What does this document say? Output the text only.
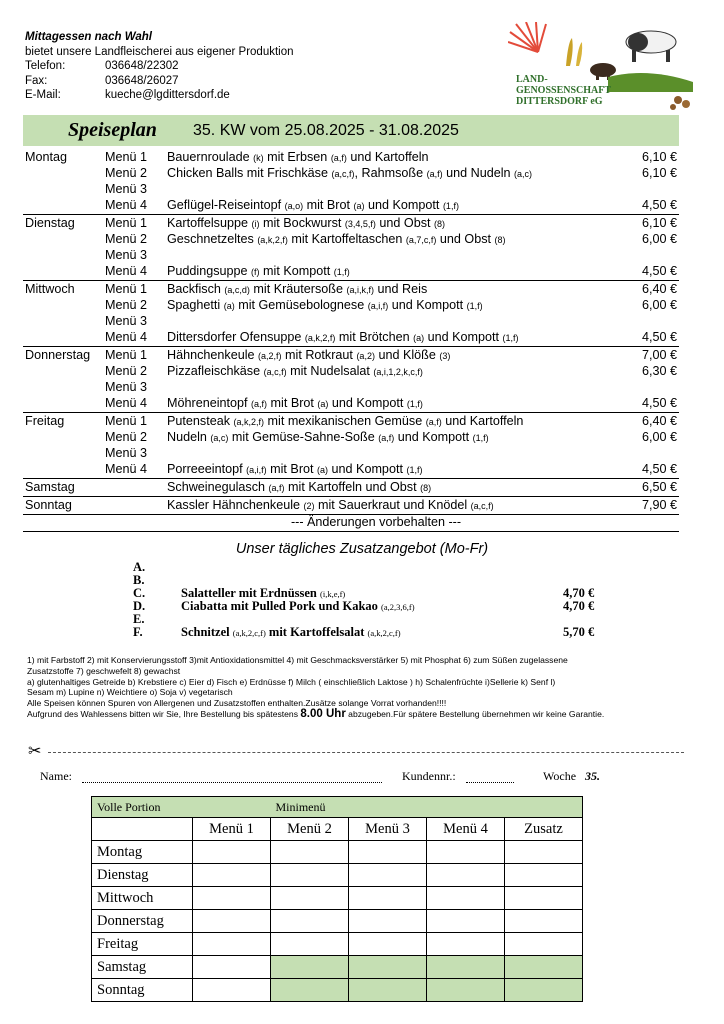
Mittagessen nach Wahl
bietet unsere Landfleischerei aus eigener Produktion
Telefon:	036648/22302
Fax:	036648/26027
E-Mail:	kueche@lgdittersdorf.de
LAND-
GENOSSENSCHAFT
DITTERSDORF eG
Speiseplan	35. KW vom 25.08.2025 - 31.08.2025
Montag	Menü 1	Bauernroulade (k) mit Erbsen (a,f) und Kartoffeln	6,10 €
Menü 2	Chicken Balls mit Frischkäse (a,c,f), Rahmsoße (a,f) und Nudeln (a,c)	6,10 €
Menü 3
Menü 4	Geflügel-Reiseintopf (a,o) mit Brot (a) und Kompott (1,f)	4,50 €
Dienstag	Menü 1	Kartoffelsuppe (i) mit Bockwurst (3,4,5,f) und Obst (8)	6,10 €
Menü 2	Geschnetzeltes (a,k,2,f) mit Kartoffeltaschen (a,7,c,f) und Obst (8)	6,00 €
Menü 3
Menü 4	Puddingsuppe (f) mit Kompott (1,f)	4,50 €
Mittwoch	Menü 1	Backfisch (a,c,d) mit Kräutersoße (a,i,k,f) und Reis	6,40 €
Menü 2	Spaghetti (a) mit Gemüsebolognese (a,i,f) und Kompott (1,f)	6,00 €
Menü 3
Menü 4	Dittersdorfer Ofensuppe (a,k,2,f) mit Brötchen (a) und Kompott (1,f)	4,50 €
Donnerstag	Menü 1	Hähnchenkeule (a,2,f) mit Rotkraut (a,2) und Klöße (3)	7,00 €
Menü 2	Pizzafleischkäse (a,c,f) mit Nudelsalat (a,i,1,2,k,c,f)	6,30 €
Menü 3
Menü 4	Möhreneintopf (a,f) mit Brot (a) und Kompott (1,f)	4,50 €
Freitag	Menü 1	Putensteak (a,k,2,f) mit mexikanischen Gemüse (a,f) und Kartoffeln	6,40 €
Menü 2	Nudeln (a,c) mit Gemüse-Sahne-Soße (a,f) und Kompott (1,f)	6,00 €
Menü 3
Menü 4	Porreeeintopf (a,i,f) mit Brot (a) und Kompott (1,f)	4,50 €
Samstag	Schweinegulasch (a,f) mit Kartoffeln und Obst (8)	6,50 €
Sonntag	Kassler Hähnchenkeule (2) mit Sauerkraut und Knödel (a,c,f)	7,90 €
--- Änderungen vorbehalten ---
Unser tägliches Zusatzangebot (Mo-Fr)
A.
B.
C.	Salatteller mit Erdnüssen (i,k,e,f)	4,70 €
D.	Ciabatta mit Pulled Pork und Kakao (a,2,3,6,f)	4,70 €
E.
F.	Schnitzel (a,k,2,c,f) mit Kartoffelsalat (a,k,2,c,f)	5,70 €
1) mit Farbstoff 2) mit Konservierungsstoff 3)mit Antioxidationsmittel 4) mit Geschmacksverstärker 5) mit Phosphat 6) zum Süßen zugelassene
Zusatzstoffe 7) geschwefelt 8) gewachst
a) glutenhaltiges Getreide b) Krebstiere c) Eier d) Fisch e) Erdnüsse f) Milch ( einschließlich Laktose ) h) Schalenfrüchte i)Sellerie k) Senf l)
Sesam m) Lupine n) Weichtiere o) Soja v) vegetarisch
Alle Speisen können Spuren von Allergenen und Zusatzstoffen enthalten.Zusätze solange Vorrat vorhanden!!!!
Aufgrund des Wahlessens bitten wir Sie, Ihre Bestellung bis spätestens 8.00 Uhr abzugeben.Für spätere Bestellung übernehmen wir keine Garantie.
✂
Name:	Kundennr.:	Woche 35.
Volle Portion		Minimenü			
	Menü 1	Menü 2	Menü 3	Menü 4	Zusatz
Montag					
Dienstag					
Mittwoch					
Donnerstag					
Freitag					
Samstag					
Sonntag					
